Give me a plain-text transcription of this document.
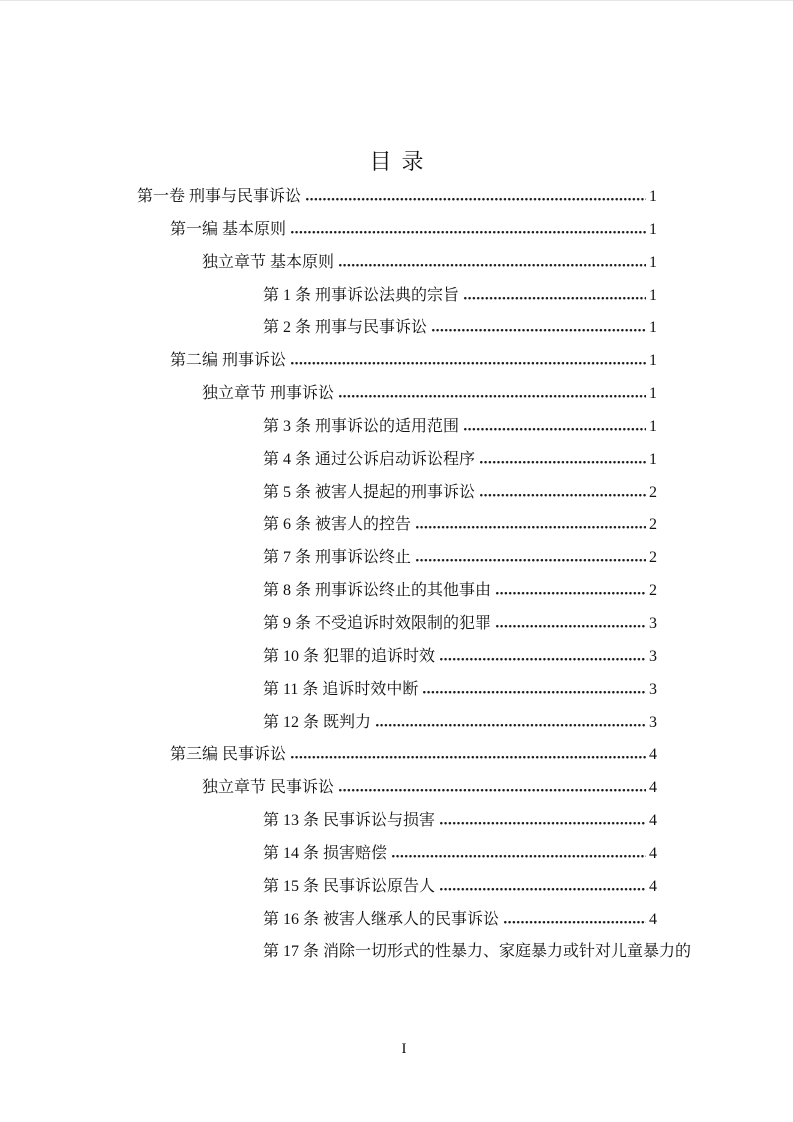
目录
第一卷 刑事与民事诉讼	1
第一编 基本原则	1
独立章节 基本原则	1
第 1 条 刑事诉讼法典的宗旨	1
第 2 条 刑事与民事诉讼	1
第二编 刑事诉讼	1
独立章节 刑事诉讼	1
第 3 条 刑事诉讼的适用范围	1
第 4 条 通过公诉启动诉讼程序	1
第 5 条 被害人提起的刑事诉讼	2
第 6 条 被害人的控告	2
第 7 条 刑事诉讼终止	2
第 8 条 刑事诉讼终止的其他事由	2
第 9 条 不受追诉时效限制的犯罪	3
第 10 条 犯罪的追诉时效	3
第 11 条 追诉时效中断	3
第 12 条 既判力	3
第三编 民事诉讼	4
独立章节 民事诉讼	4
第 13 条 民事诉讼与损害	4
第 14 条 损害赔偿	4
第 15 条 民事诉讼原告人	4
第 16 条 被害人继承人的民事诉讼	4
第 17 条 消除一切形式的性暴力、家庭暴力或针对儿童暴力的
I
